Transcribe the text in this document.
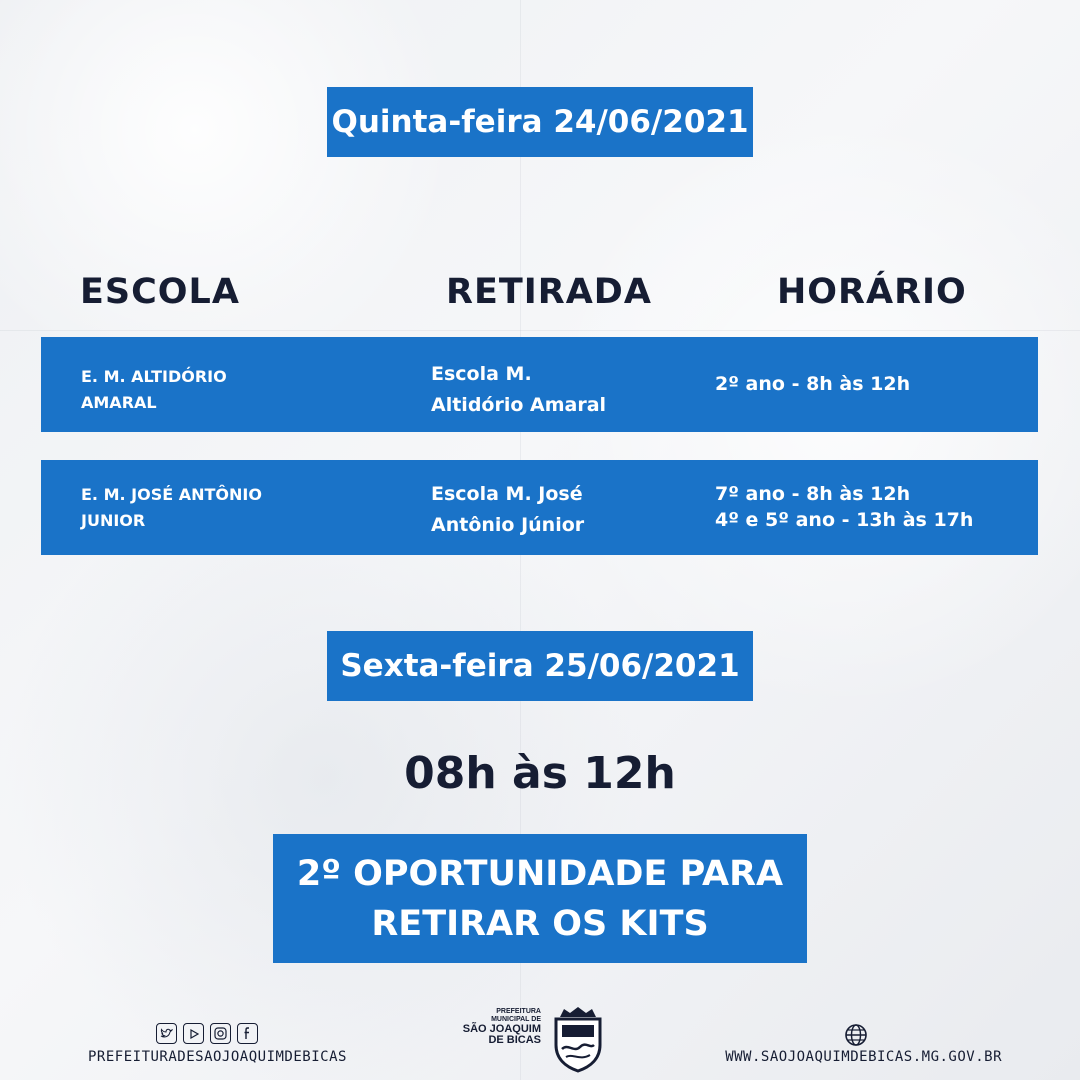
Quinta-feira 24/06/2021
ESCOLA	RETIRADA	HORÁRIO
E. M. ALTIDÓRIO
AMARAL
Escola M.
Altidório Amaral
2º ano - 8h às 12h
E. M. JOSÉ ANTÔNIO
JUNIOR
Escola M. José
Antônio Júnior
7º ano - 8h às 12h
4º e 5º ano - 13h às 17h
Sexta-feira 25/06/2021
08h às 12h
2º OPORTUNIDADE PARA
RETIRAR OS KITS
PREFEITURADESAOJOAQUIMDEBICAS
PREFEITURA
MUNICIPAL DE
SÃO JOAQUIM
DE BICAS
WWW.SAOJOAQUIMDEBICAS.MG.GOV.BR
